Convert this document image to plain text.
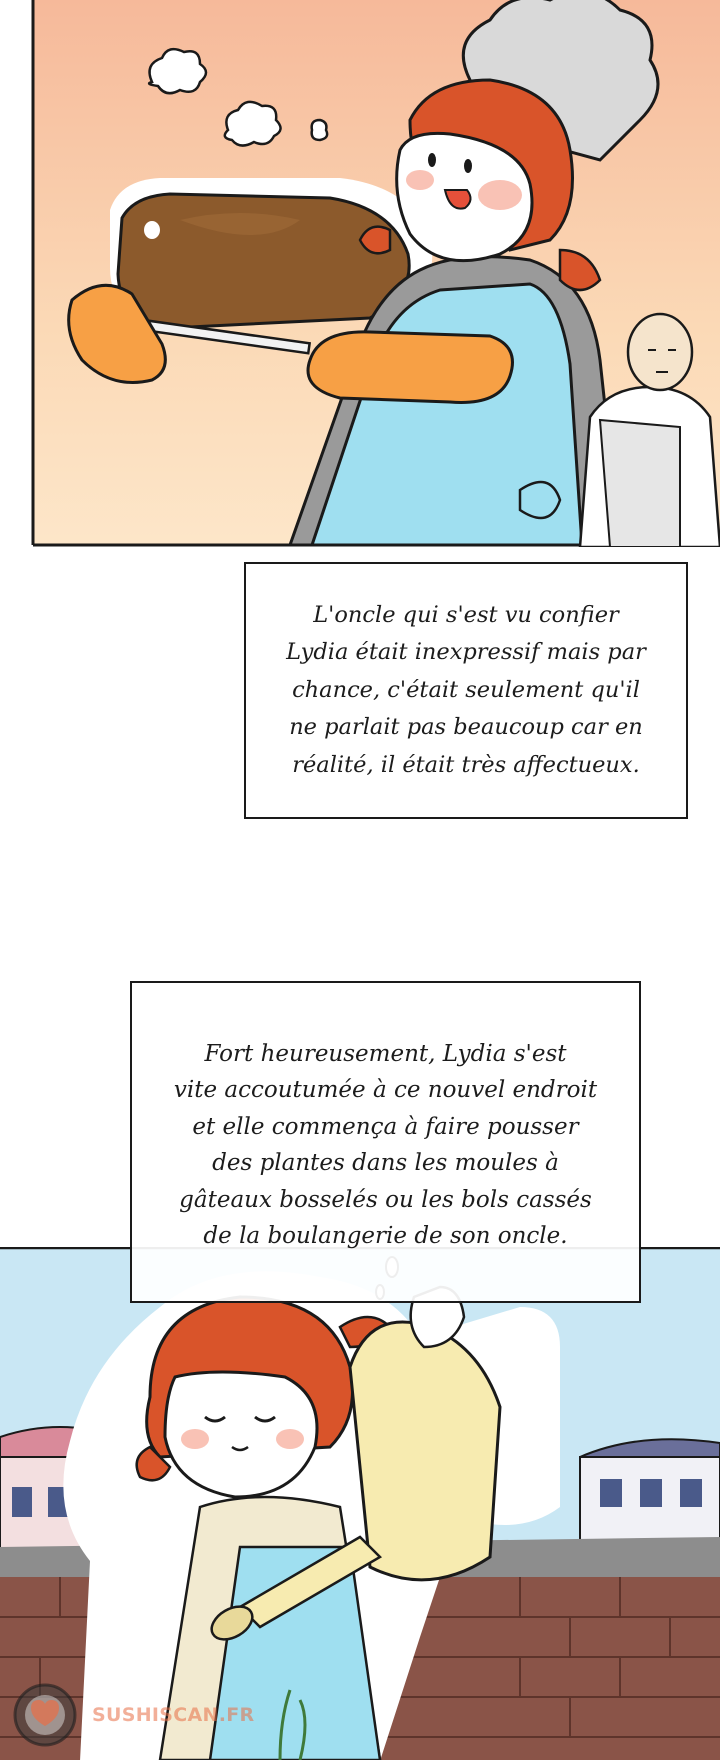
L'oncle qui s'est vu confier
Lydia était inexpressif mais par
chance, c'était seulement qu'il
ne parlait pas beaucoup car en
réalité, il était très affectueux.
Fort heureusement, Lydia s'est
vite accoutumée à ce nouvel endroit
et elle commença à faire pousser
des plantes dans les moules à
gâteaux bosselés ou les bols cassés
de la boulangerie de son oncle.
SUSHISCAN.FR
